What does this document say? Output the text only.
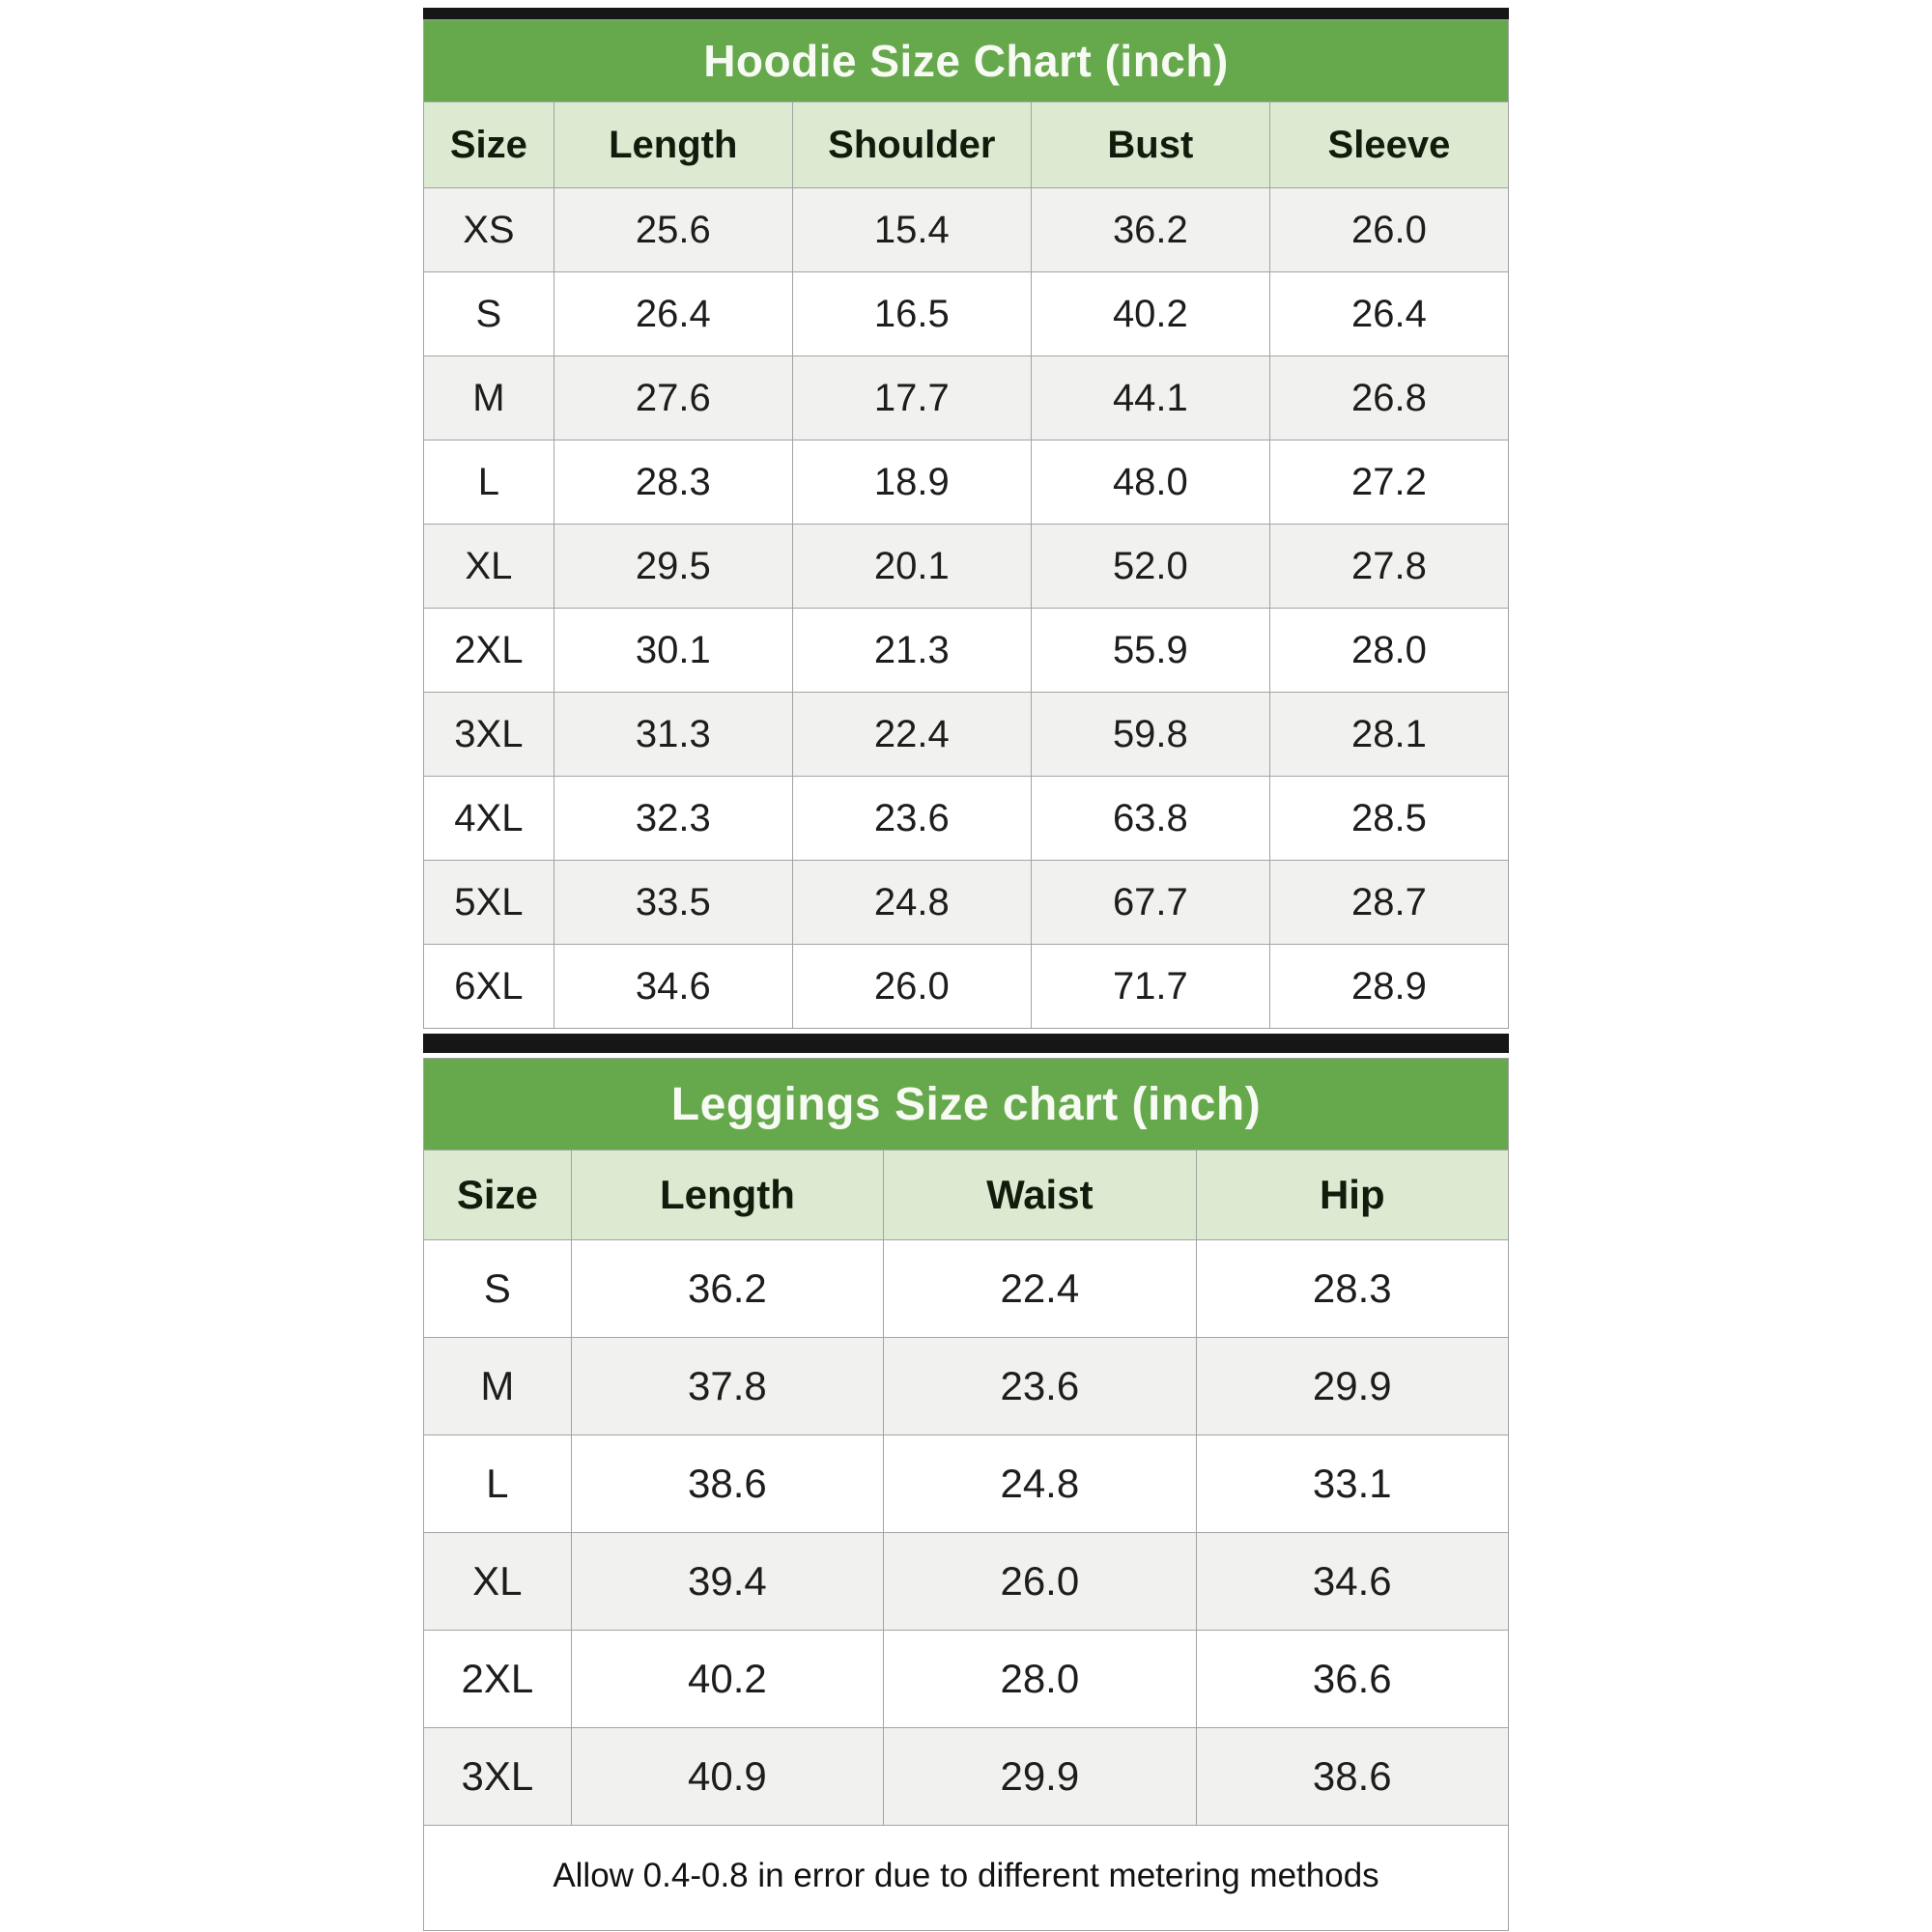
Hoodie Size Chart (inch)				
Size	Length	Shoulder	Bust	Sleeve
XS	25.6	15.4	36.2	26.0
S	26.4	16.5	40.2	26.4
M	27.6	17.7	44.1	26.8
L	28.3	18.9	48.0	27.2
XL	29.5	20.1	52.0	27.8
2XL	30.1	21.3	55.9	28.0
3XL	31.3	22.4	59.8	28.1
4XL	32.3	23.6	63.8	28.5
5XL	33.5	24.8	67.7	28.7
6XL	34.6	26.0	71.7	28.9
Leggings Size chart (inch)			
Size	Length	Waist	Hip
S	36.2	22.4	28.3
M	37.8	23.6	29.9
L	38.6	24.8	33.1
XL	39.4	26.0	34.6
2XL	40.2	28.0	36.6
3XL	40.9	29.9	38.6
Allow 0.4-0.8 in error due to different metering methods
